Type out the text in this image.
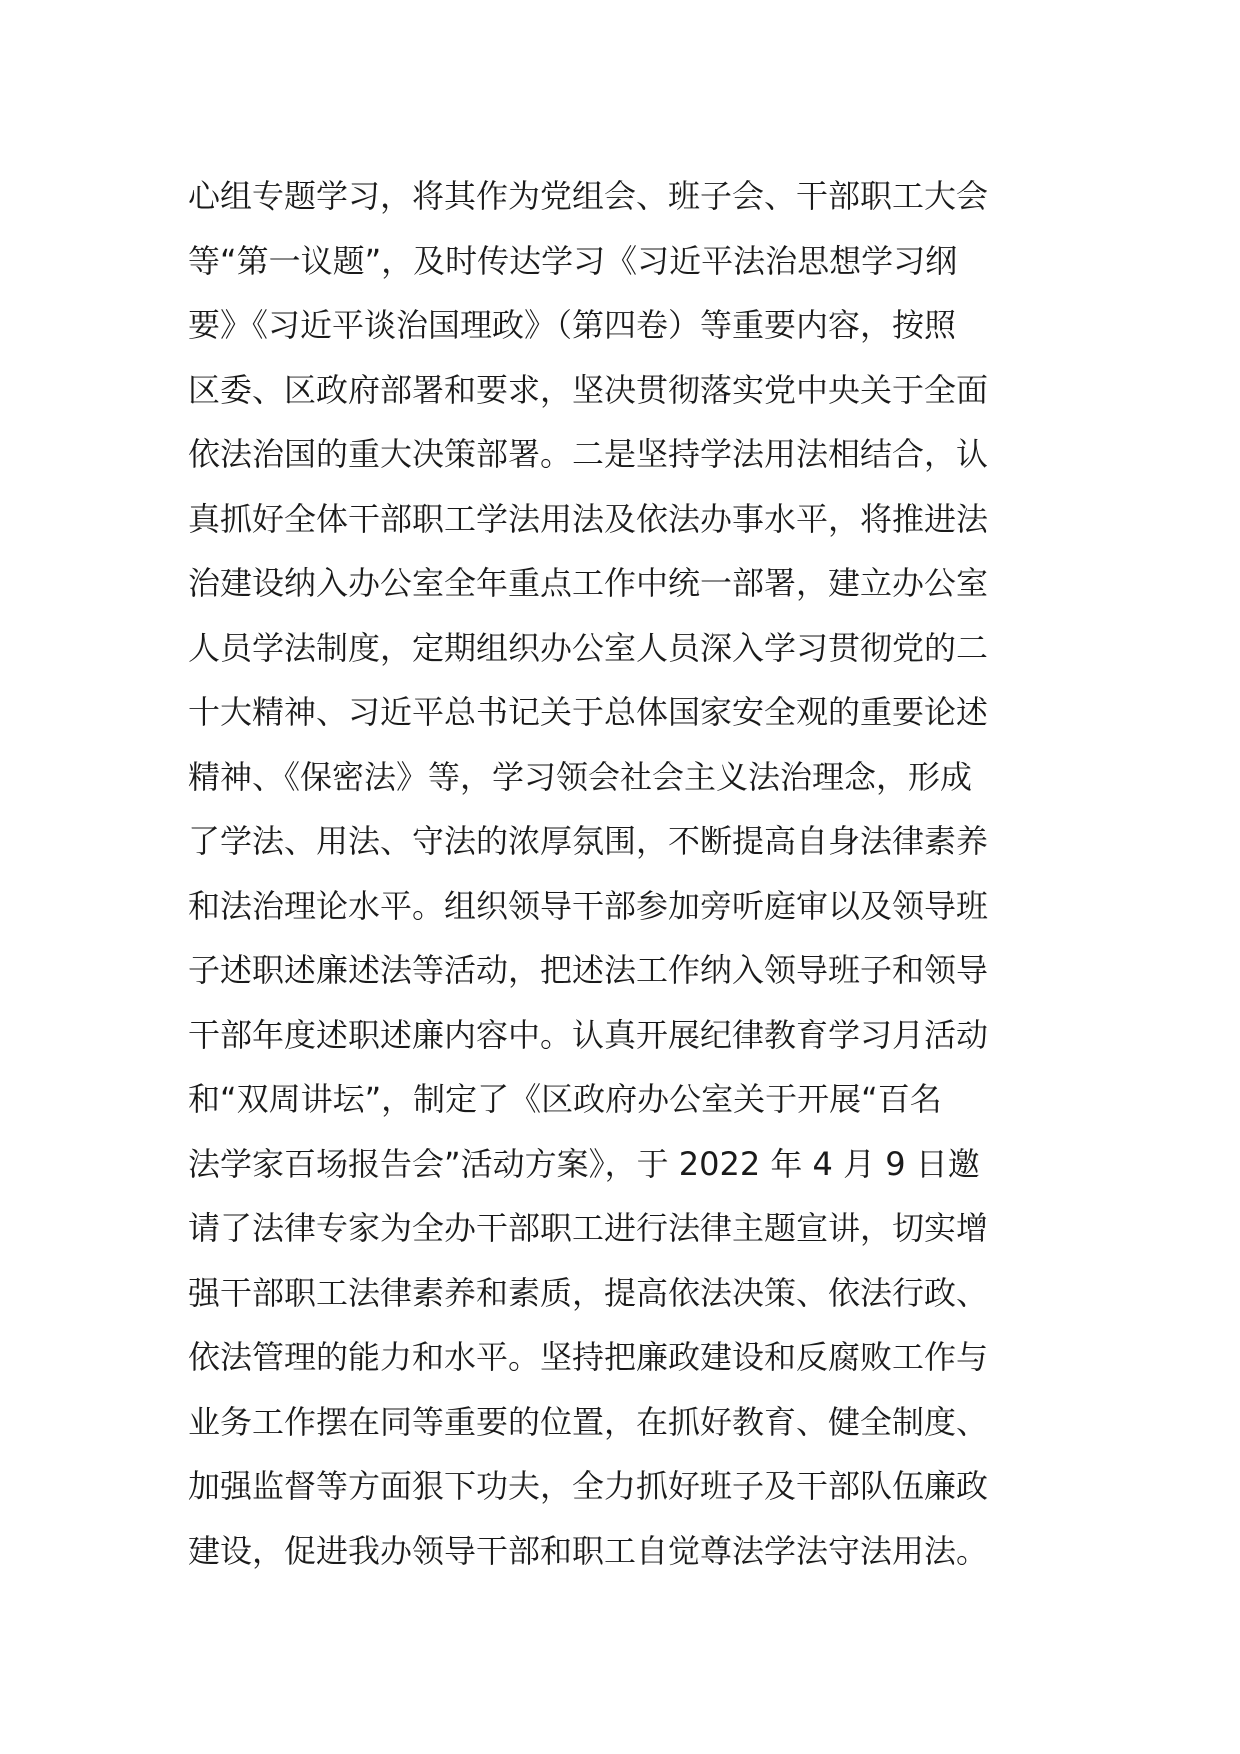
心组专题学习，将其作为党组会、班子会、干部职工大会
等“第一议题”，及时传达学习《习近平法治思想学习纲
要》《习近平谈治国理政》（第四卷）等重要内容，按照
区委、区政府部署和要求，坚决贯彻落实党中央关于全面
依法治国的重大决策部署。二是坚持学法用法相结合，认
真抓好全体干部职工学法用法及依法办事水平，将推进法
治建设纳入办公室全年重点工作中统一部署，建立办公室
人员学法制度，定期组织办公室人员深入学习贯彻党的二
十大精神、习近平总书记关于总体国家安全观的重要论述
精神、《保密法》等，学习领会社会主义法治理念，形成
了学法、用法、守法的浓厚氛围，不断提高自身法律素养
和法治理论水平。组织领导干部参加旁听庭审以及领导班
子述职述廉述法等活动，把述法工作纳入领导班子和领导
干部年度述职述廉内容中。认真开展纪律教育学习月活动
和“双周讲坛”，制定了《区政府办公室关于开展“百名
法学家百场报告会”活动方案》，于 2022 年 4 月 9 日邀
请了法律专家为全办干部职工进行法律主题宣讲，切实增
强干部职工法律素养和素质，提高依法决策、依法行政、
依法管理的能力和水平。坚持把廉政建设和反腐败工作与
业务工作摆在同等重要的位置，在抓好教育、健全制度、
加强监督等方面狠下功夫，全力抓好班子及干部队伍廉政
建设，促进我办领导干部和职工自觉尊法学法守法用法。
